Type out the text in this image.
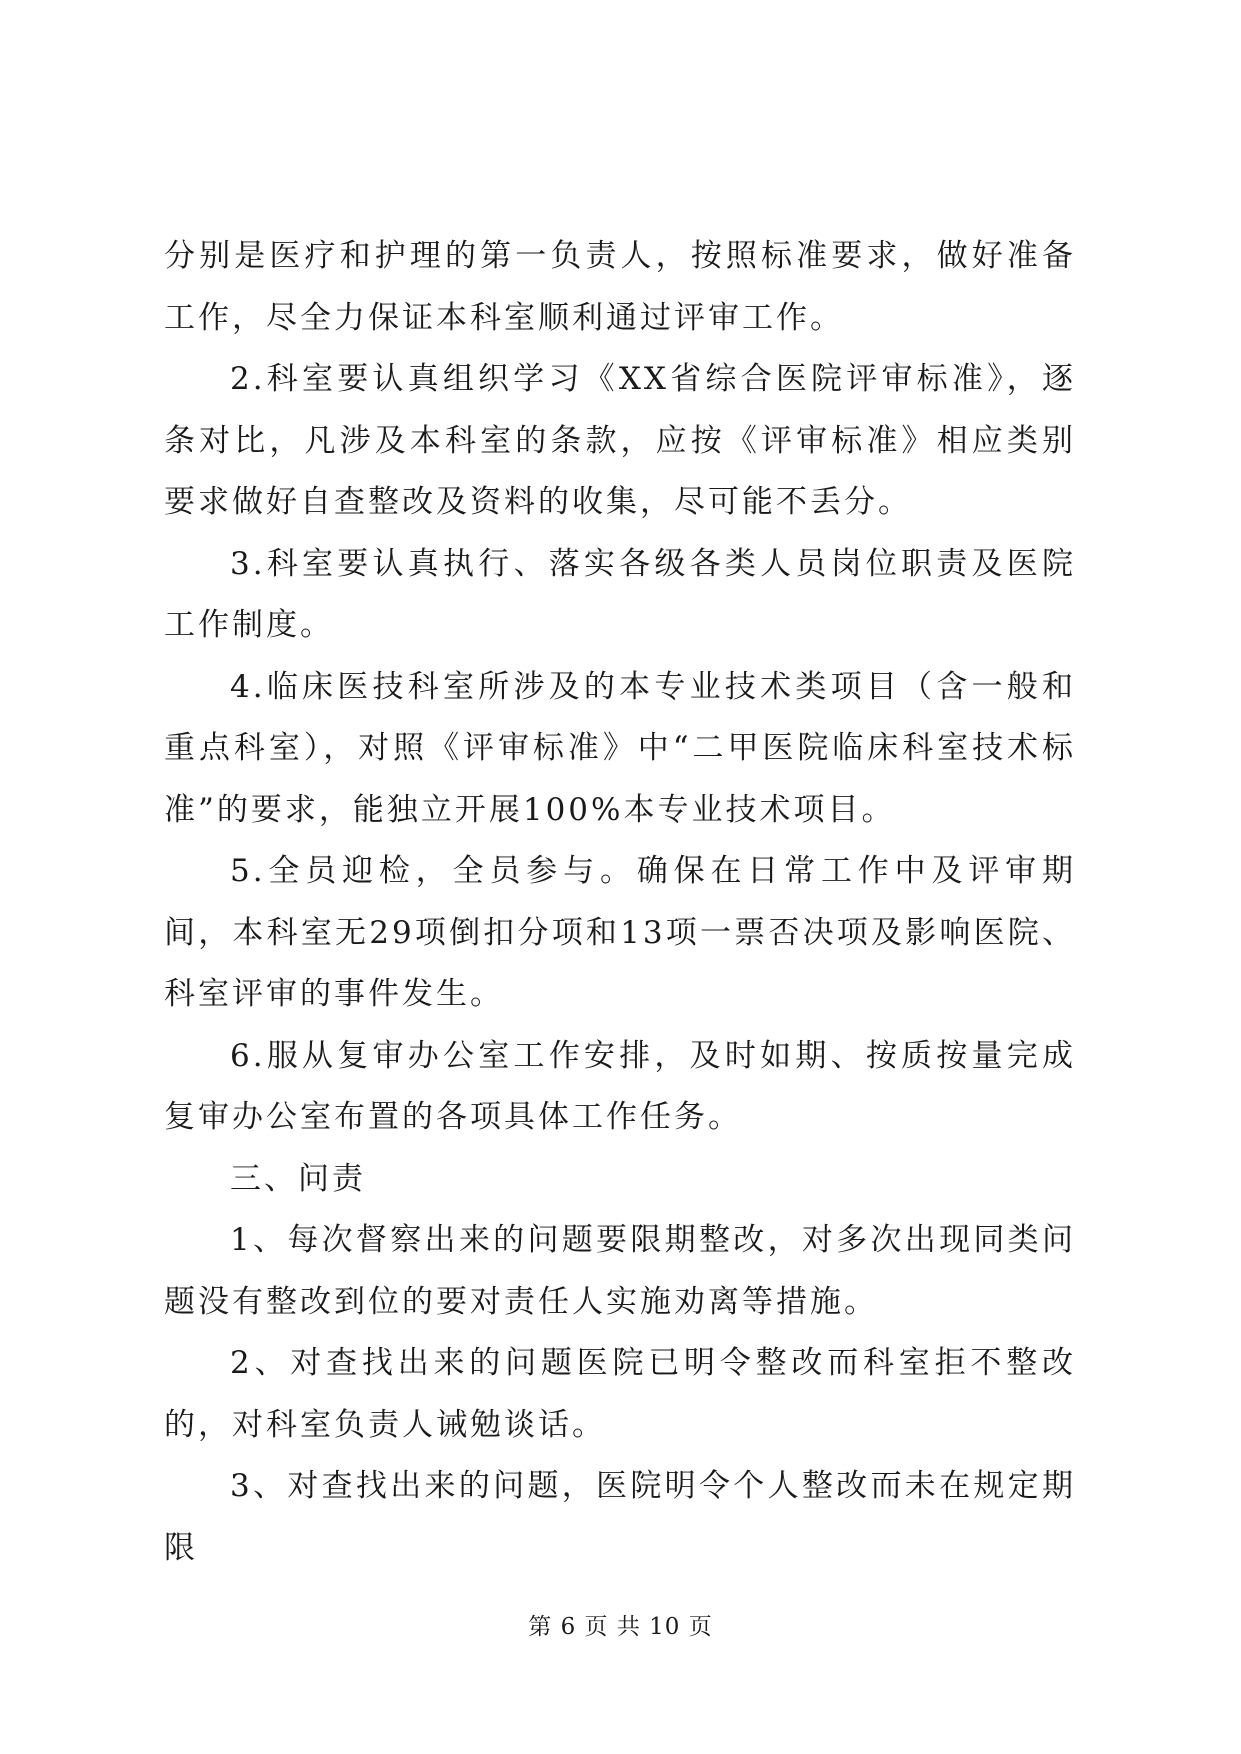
分别是医疗和护理的第一负责人，按照标准要求，做好准备工作，尽全力保证本科室顺利通过评审工作。

2.科室要认真组织学习《XX省综合医院评审标准》，逐条对比，凡涉及本科室的条款，应按《评审标准》相应类别要求做好自查整改及资料的收集，尽可能不丢分。

3.科室要认真执行、落实各级各类人员岗位职责及医院工作制度。

4.临床医技科室所涉及的本专业技术类项目（含一般和重点科室），对照《评审标准》中“二甲医院临床科室技术标准”的要求，能独立开展100%本专业技术项目。

5.全员迎检，全员参与。确保在日常工作中及评审期间，本科室无29项倒扣分项和13项一票否决项及影响医院、科室评审的事件发生。

6.服从复审办公室工作安排，及时如期、按质按量完成复审办公室布置的各项具体工作任务。

三、问责

1、每次督察出来的问题要限期整改，对多次出现同类问题没有整改到位的要对责任人实施劝离等措施。

2、对查找出来的问题医院已明令整改而科室拒不整改的，对科室负责人诫勉谈话。

3、对查找出来的问题，医院明令个人整改而未在规定期限

第 6 页 共 10 页
